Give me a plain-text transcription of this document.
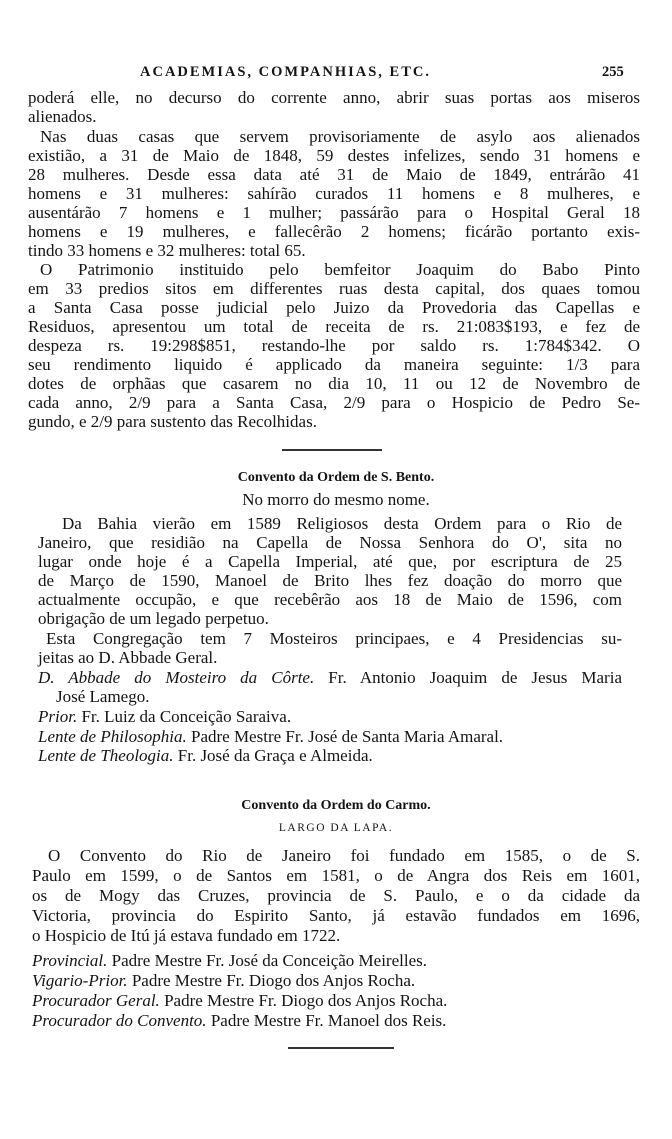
ACADEMIAS, COMPANHIAS, ETC.	255
poderá elle, no decurso do corrente anno, abrir suas portas aos miseros
alienados.
Nas duas casas que servem provisoriamente de asylo aos alienados
existião, a 31 de Maio de 1848, 59 destes infelizes, sendo 31 homens e
28 mulheres. Desde essa data até 31 de Maio de 1849, entrárão 41
homens e 31 mulheres: sahírão curados 11 homens e 8 mulheres, e
ausentárão 7 homens e 1 mulher; passárão para o Hospital Geral 18
homens e 19 mulheres, e fallecêrão 2 homens; ficárão portanto exis-
tindo 33 homens e 32 mulheres: total 65.
O Patrimonio instituido pelo bemfeitor Joaquim do Babo Pinto
em 33 predios sitos em differentes ruas desta capital, dos quaes tomou
a Santa Casa posse judicial pelo Juizo da Provedoria das Capellas e
Residuos, apresentou um total de receita de rs. 21:083$193, e fez de
despeza rs. 19:298$851, restando-lhe por saldo rs. 1:784$342. O
seu rendimento liquido é applicado da maneira seguinte: 1/3 para
dotes de orphãas que casarem no dia 10, 11 ou 12 de Novembro de
cada anno, 2/9 para a Santa Casa, 2/9 para o Hospicio de Pedro Se-
gundo, e 2/9 para sustento das Recolhidas.
Convento da Ordem de S. Bento.
No morro do mesmo nome.
Da Bahia vierão em 1589 Religiosos desta Ordem para o Rio de
Janeiro, que residião na Capella de Nossa Senhora do O', sita no
lugar onde hoje é a Capella Imperial, até que, por escriptura de 25
de Março de 1590, Manoel de Brito lhes fez doação do morro que
actualmente occupão, e que recebêrão aos 18 de Maio de 1596, com
obrigação de um legado perpetuo.
Esta Congregação tem 7 Mosteiros principaes, e 4 Presidencias su-
jeitas ao D. Abbade Geral.
D. Abbade do Mosteiro da Côrte. Fr. Antonio Joaquim de Jesus Maria
José Lamego.
Prior. Fr. Luiz da Conceição Saraiva.
Lente de Philosophia. Padre Mestre Fr. José de Santa Maria Amaral.
Lente de Theologia. Fr. José da Graça e Almeida.
Convento da Ordem do Carmo.
LARGO DA LAPA.
O Convento do Rio de Janeiro foi fundado em 1585, o de S.
Paulo em 1599, o de Santos em 1581, o de Angra dos Reis em 1601,
os de Mogy das Cruzes, provincia de S. Paulo, e o da cidade da
Victoria, provincia do Espirito Santo, já estavão fundados em 1696,
o Hospicio de Itú já estava fundado em 1722.
Provincial. Padre Mestre Fr. José da Conceição Meirelles.
Vigario-Prior. Padre Mestre Fr. Diogo dos Anjos Rocha.
Procurador Geral. Padre Mestre Fr. Diogo dos Anjos Rocha.
Procurador do Convento. Padre Mestre Fr. Manoel dos Reis.
